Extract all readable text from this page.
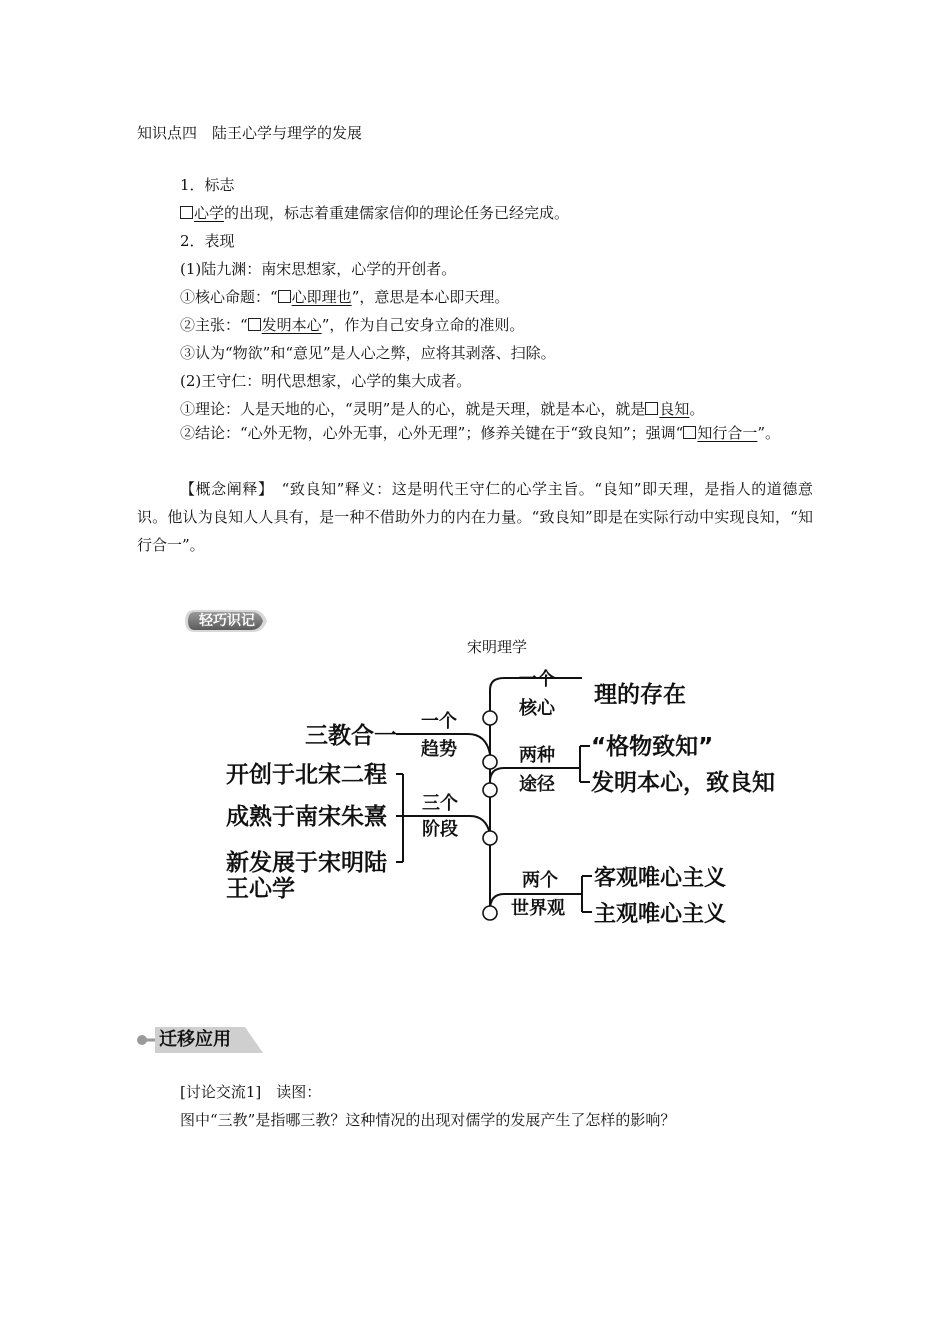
知识点四　陆王心学与理学的发展
1．标志
心学的出现，标志着重建儒家信仰的理论任务已经完成。
2．表现
(1)陆九渊：南宋思想家，心学的开创者。
①核心命题：“ 心即理也”，意思是本心即天理。
②主张：“ 发明本心”，作为自己安身立命的准则。
③认为“物欲”和“意见”是人心之弊，应将其剥落、扫除。
(2)王守仁：明代思想家，心学的集大成者。
①理论：人是天地的心，“灵明”是人的心，就是天理，就是本心，就是 良知。
②结论：“心外无物，心外无事，心外无理”；修养关键在于“致良知”；强调“ 知行合一”。
【概念阐释】　 “致良知”释义：这是明代王守仁的心学主旨。“良知”即天理，是指人的道德意识。他认为良知人人具有，是一种不借助外力的内在力量。“致良知”即是在实际行动中实现良知，“知行合一”。
轻巧识记
宋明理学
三教合一
一个
趋势
开创于北宋二程
成熟于南宋朱熹
新发展于宋明陆
王心学
三个
阶段
一个
核心
理的存在
两种
途径
“格物致知”
发明本心，致良知
两个
世界观
客观唯心主义
主观唯心主义
迁移应用
[讨论交流1]　读图：
图中“三教”是指哪三教？这种情况的出现对儒学的发展产生了怎样的影响？
